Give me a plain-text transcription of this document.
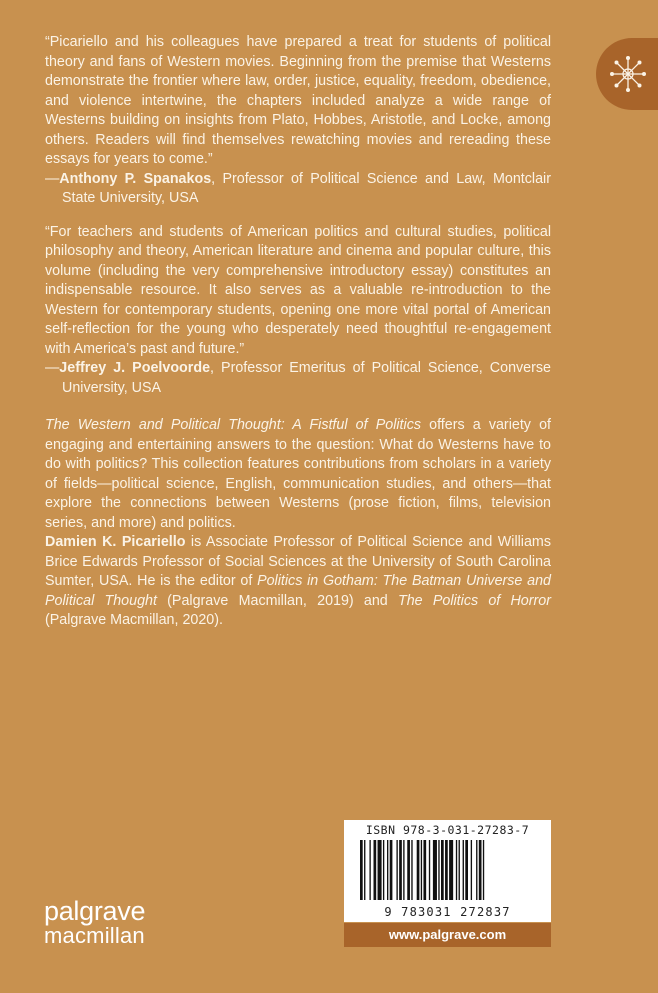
“Picariello and his colleagues have prepared a treat for students of political theory and fans of Western movies. Beginning from the premise that Westerns demonstrate the frontier where law, order, justice, equality, freedom, obedience, and violence intertwine, the chapters included analyze a wide range of Westerns building on insights from Plato, Hobbes, Aristotle, and Locke, among others. Readers will find themselves rewatching movies and rereading these essays for years to come.”

—Anthony P. Spanakos, Professor of Political Science and Law, Montclair State University, USA

“For teachers and students of American politics and cultural studies, political philosophy and theory, American literature and cinema and popular culture, this volume (including the very comprehensive introductory essay) constitutes an indispensable resource. It also serves as a valuable re-introduction to the Western for contemporary students, opening one more vital portal of American self-reflection for the young who desperately need thoughtful re-engagement with America’s past and future.”

—Jeffrey J. Poelvoorde, Professor Emeritus of Political Science, Converse University, USA

The Western and Political Thought: A Fistful of Politics offers a variety of engaging and entertaining answers to the question: What do Westerns have to do with politics? This collection features contributions from scholars in a variety of fields—political science, English, communication studies, and others—that explore the connections between Westerns (prose fiction, films, television series, and more) and politics.

Damien K. Picariello is Associate Professor of Political Science and Williams Brice Edwards Professor of Social Sciences at the University of South Carolina Sumter, USA. He is the editor of Politics in Gotham: The Batman Universe and Political Thought (Palgrave Macmillan, 2019) and The Politics of Horror (Palgrave Macmillan, 2020).

ISBN 978-3-031-27283-7
9 783031 272837
www.palgrave.com
palgrave
macmillan
